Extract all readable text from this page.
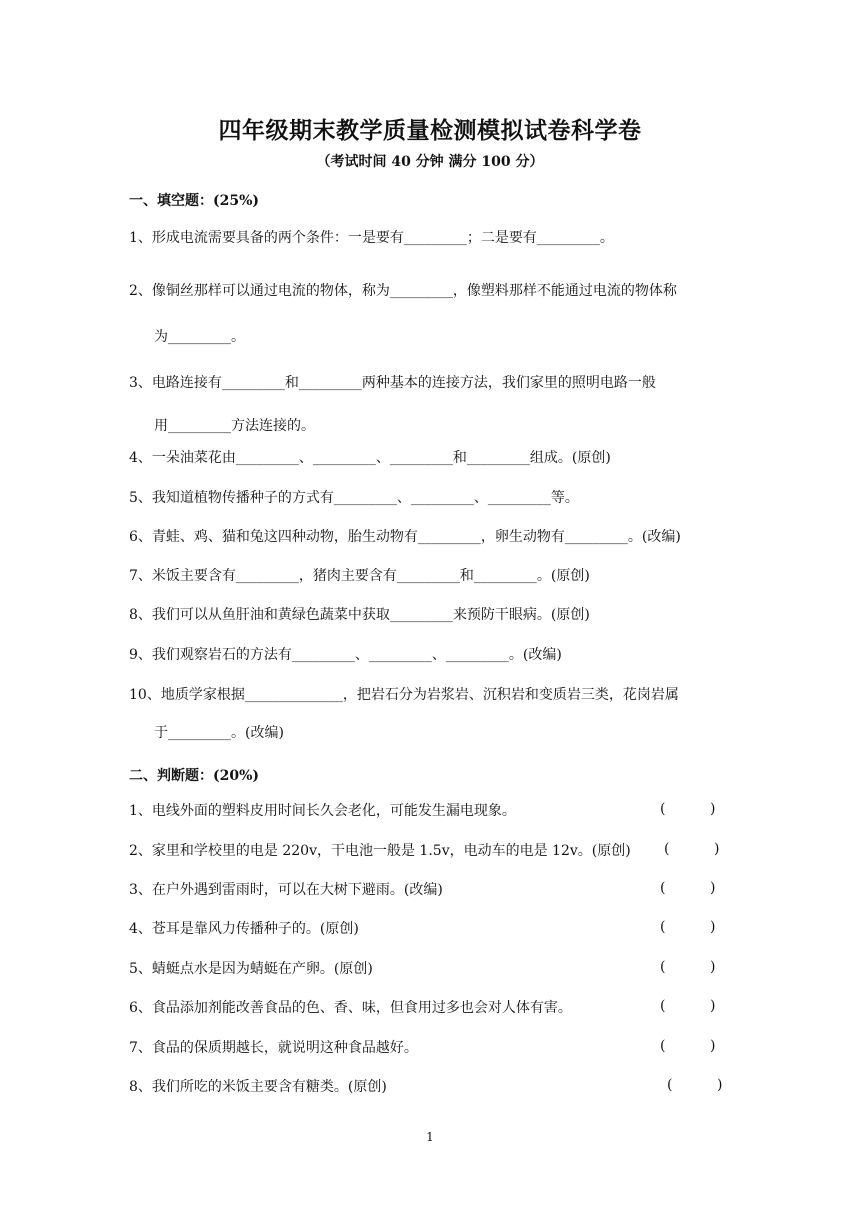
四年级期末教学质量检测模拟试卷科学卷
（考试时间 40 分钟 满分 100 分）
一、填空题：(25%)
1、形成电流需要具备的两个条件：一是要有_________；二是要有_________。
2、像铜丝那样可以通过电流的物体，称为_________，像塑料那样不能通过电流的物体称
为_________。
3、电路连接有_________和_________两种基本的连接方法，我们家里的照明电路一般
用_________方法连接的。
4、一朵油菜花由_________、_________、_________和_________组成。(原创)
5、我知道植物传播种子的方式有_________、_________、_________等。
6、青蛙、鸡、猫和兔这四种动物，胎生动物有_________，卵生动物有_________。(改编)
7、米饭主要含有_________，猪肉主要含有_________和_________。(原创)
8、我们可以从鱼肝油和黄绿色蔬菜中获取_________来预防干眼病。(原创)
9、我们观察岩石的方法有_________、_________、_________。(改编)
10、地质学家根据______________，把岩石分为岩浆岩、沉积岩和变质岩三类，花岗岩属
于_________。(改编)
二、判断题：(20%)
1、电线外面的塑料皮用时间长久会老化，可能发生漏电现象。	(          )
2、家里和学校里的电是 220v，干电池一般是 1.5v，电动车的电是 12v。(原创) (          )
3、在户外遇到雷雨时，可以在大树下避雨。(改编)	(          )
4、苍耳是靠风力传播种子的。(原创)	(          )
5、蜻蜓点水是因为蜻蜓在产卵。(原创)	(          )
6、食品添加剂能改善食品的色、香、味，但食用过多也会对人体有害。	(          )
7、食品的保质期越长，就说明这种食品越好。	(          )
8、我们所吃的米饭主要含有糖类。(原创)	(          )
1
